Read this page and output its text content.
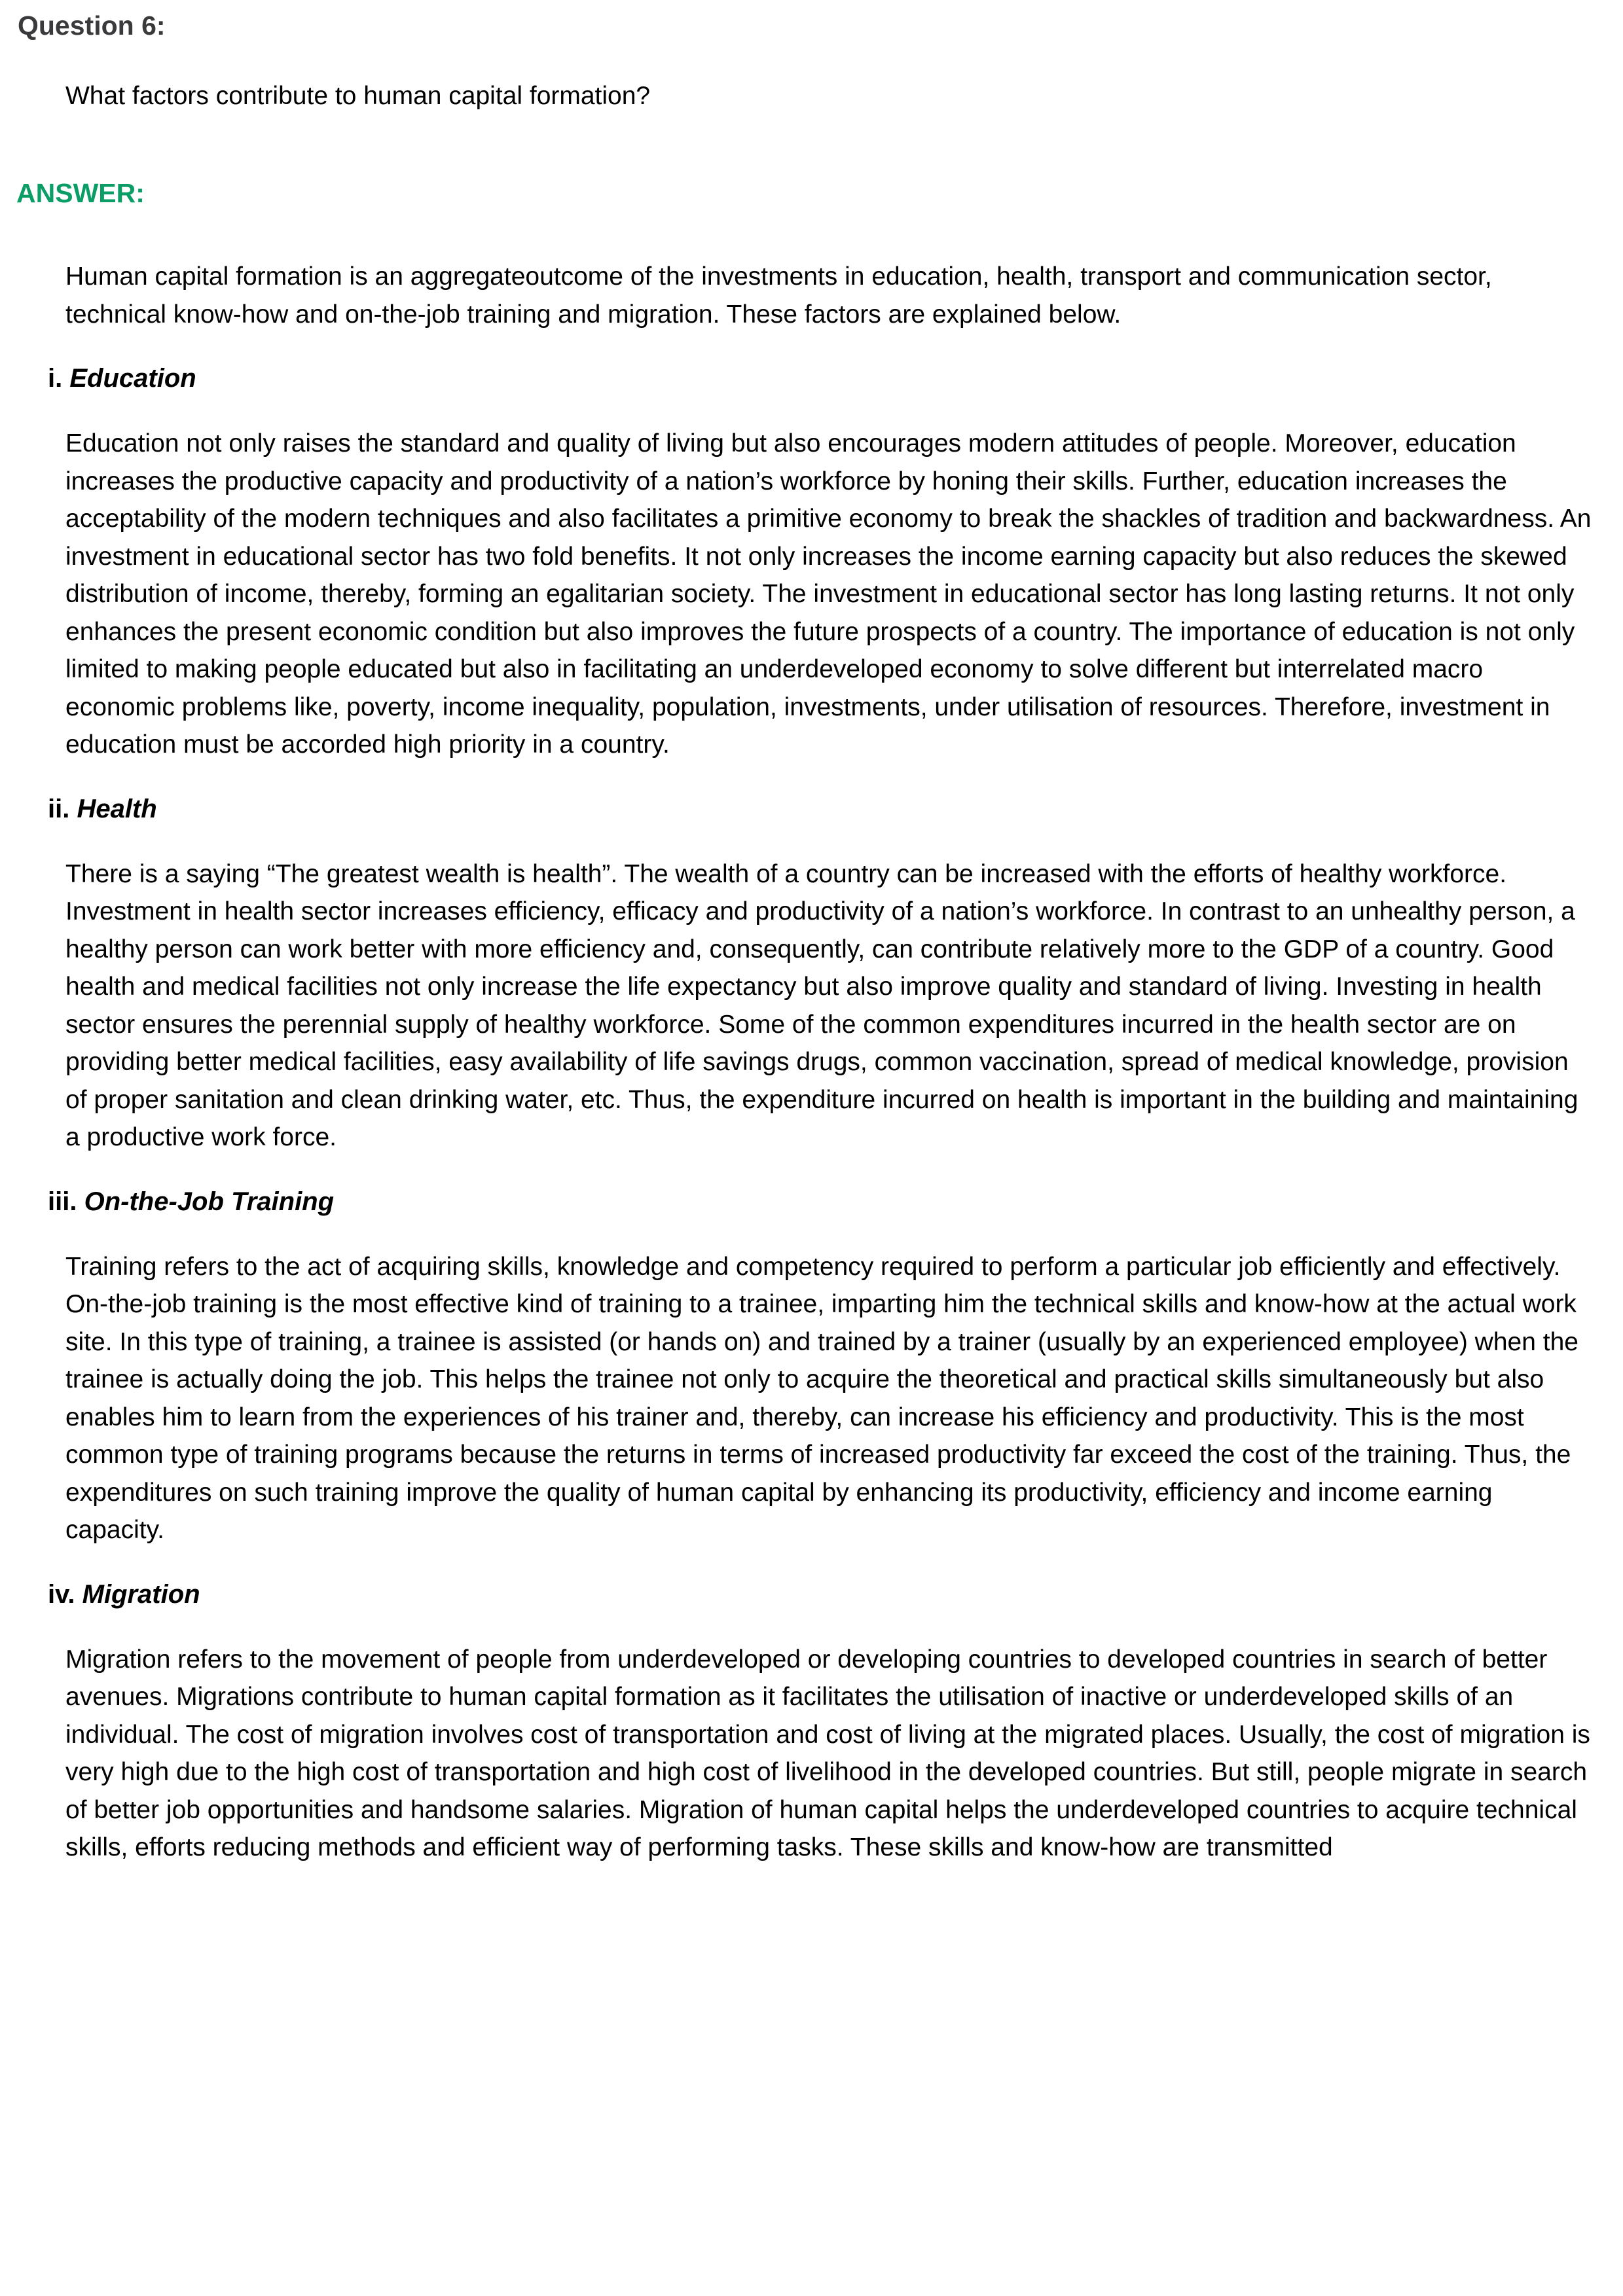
Question 6:

What factors contribute to human capital formation?

ANSWER:

Human capital formation is an aggregateoutcome of the investments in education, health, transport and communication sector, technical know-how and on-the-job training and migration. These factors are explained below.

i. Education

Education not only raises the standard and quality of living but also encourages modern attitudes of people. Moreover, education increases the productive capacity and productivity of a nation’s workforce by honing their skills. Further, education increases the acceptability of the modern techniques and also facilitates a primitive economy to break the shackles of tradition and backwardness. An investment in educational sector has two fold benefits. It not only increases the income earning capacity but also reduces the skewed distribution of income, thereby, forming an egalitarian society. The investment in educational sector has long lasting returns. It not only enhances the present economic condition but also improves the future prospects of a country. The importance of education is not only limited to making people educated but also in facilitating an underdeveloped economy to solve different but interrelated macro economic problems like, poverty, income inequality, population, investments, under utilisation of resources. Therefore, investment in education must be accorded high priority in a country.

ii. Health

There is a saying “The greatest wealth is health”. The wealth of a country can be increased with the efforts of healthy workforce. Investment in health sector increases efficiency, efficacy and productivity of a nation’s workforce. In contrast to an unhealthy person, a healthy person can work better with more efficiency and, consequently, can contribute relatively more to the GDP of a country. Good health and medical facilities not only increase the life expectancy but also improve quality and standard of living. Investing in health sector ensures the perennial supply of healthy workforce. Some of the common expenditures incurred in the health sector are on providing better medical facilities, easy availability of life savings drugs, common vaccination, spread of medical knowledge, provision of proper sanitation and clean drinking water, etc. Thus, the expenditure incurred on health is important in the building and maintaining a productive work force.

iii. On-the-Job Training

Training refers to the act of acquiring skills, knowledge and competency required to perform a particular job efficiently and effectively. On-the-job training is the most effective kind of training to a trainee, imparting him the technical skills and know-how at the actual work site. In this type of training, a trainee is assisted (or hands on) and trained by a trainer (usually by an experienced employee) when the trainee is actually doing the job. This helps the trainee not only to acquire the theoretical and practical skills simultaneously but also enables him to learn from the experiences of his trainer and, thereby, can increase his efficiency and productivity. This is the most common type of training programs because the returns in terms of increased productivity far exceed the cost of the training. Thus, the expenditures on such training improve the quality of human capital by enhancing its productivity, efficiency and income earning capacity.

iv. Migration

Migration refers to the movement of people from underdeveloped or developing countries to developed countries in search of better avenues. Migrations contribute to human capital formation as it facilitates the utilisation of inactive or underdeveloped skills of an individual. The cost of migration involves cost of transportation and cost of living at the migrated places. Usually, the cost of migration is very high due to the high cost of transportation and high cost of livelihood in the developed countries. But still, people migrate in search of better job opportunities and handsome salaries. Migration of human capital helps the underdeveloped countries to acquire technical skills, efforts reducing methods and efficient way of performing tasks. These skills and know-how are transmitted
